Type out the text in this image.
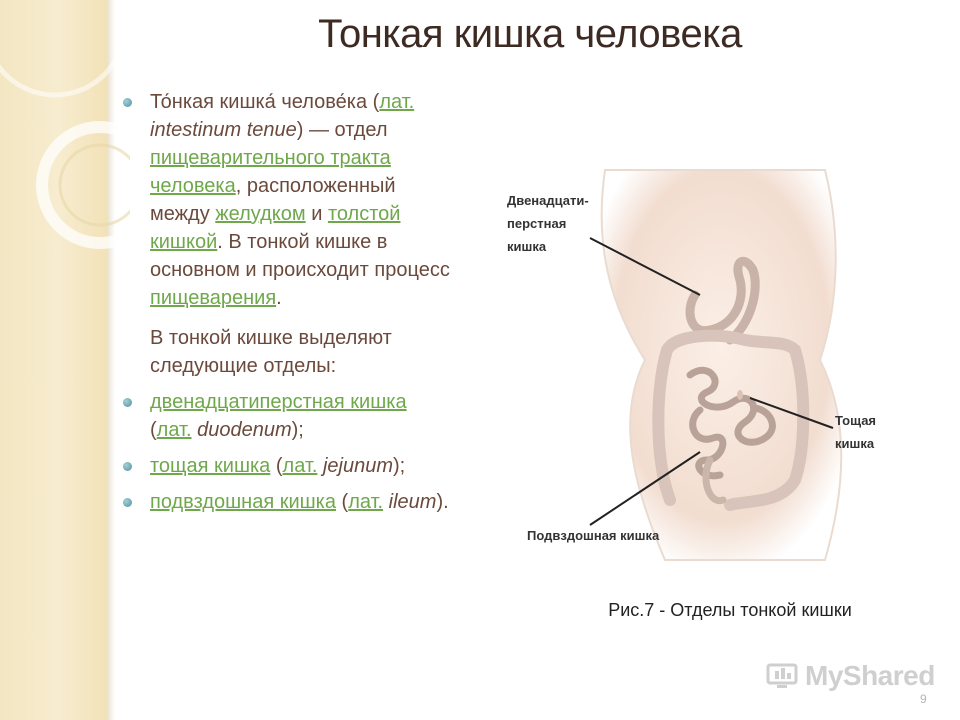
Тонкая кишка человека
То́нкая кишка́ челове́ка (лат. intestinum tenue) — отдел пищеварительного тракта человека, расположенный между желудком и толстой кишкой. В тонкой кишке в основном и происходит процесс пищеварения.
В тонкой кишке выделяют следующие отделы:
двенадцатиперстная кишка (лат. duodenum);
тощая кишка (лат. jejunum);
подвздошная кишка (лат. ileum).
Двенадцати-
перстная
кишка
Тощая
кишка
Подвздошная кишка
Рис.7 - Отделы тонкой кишки
MyShared
9
